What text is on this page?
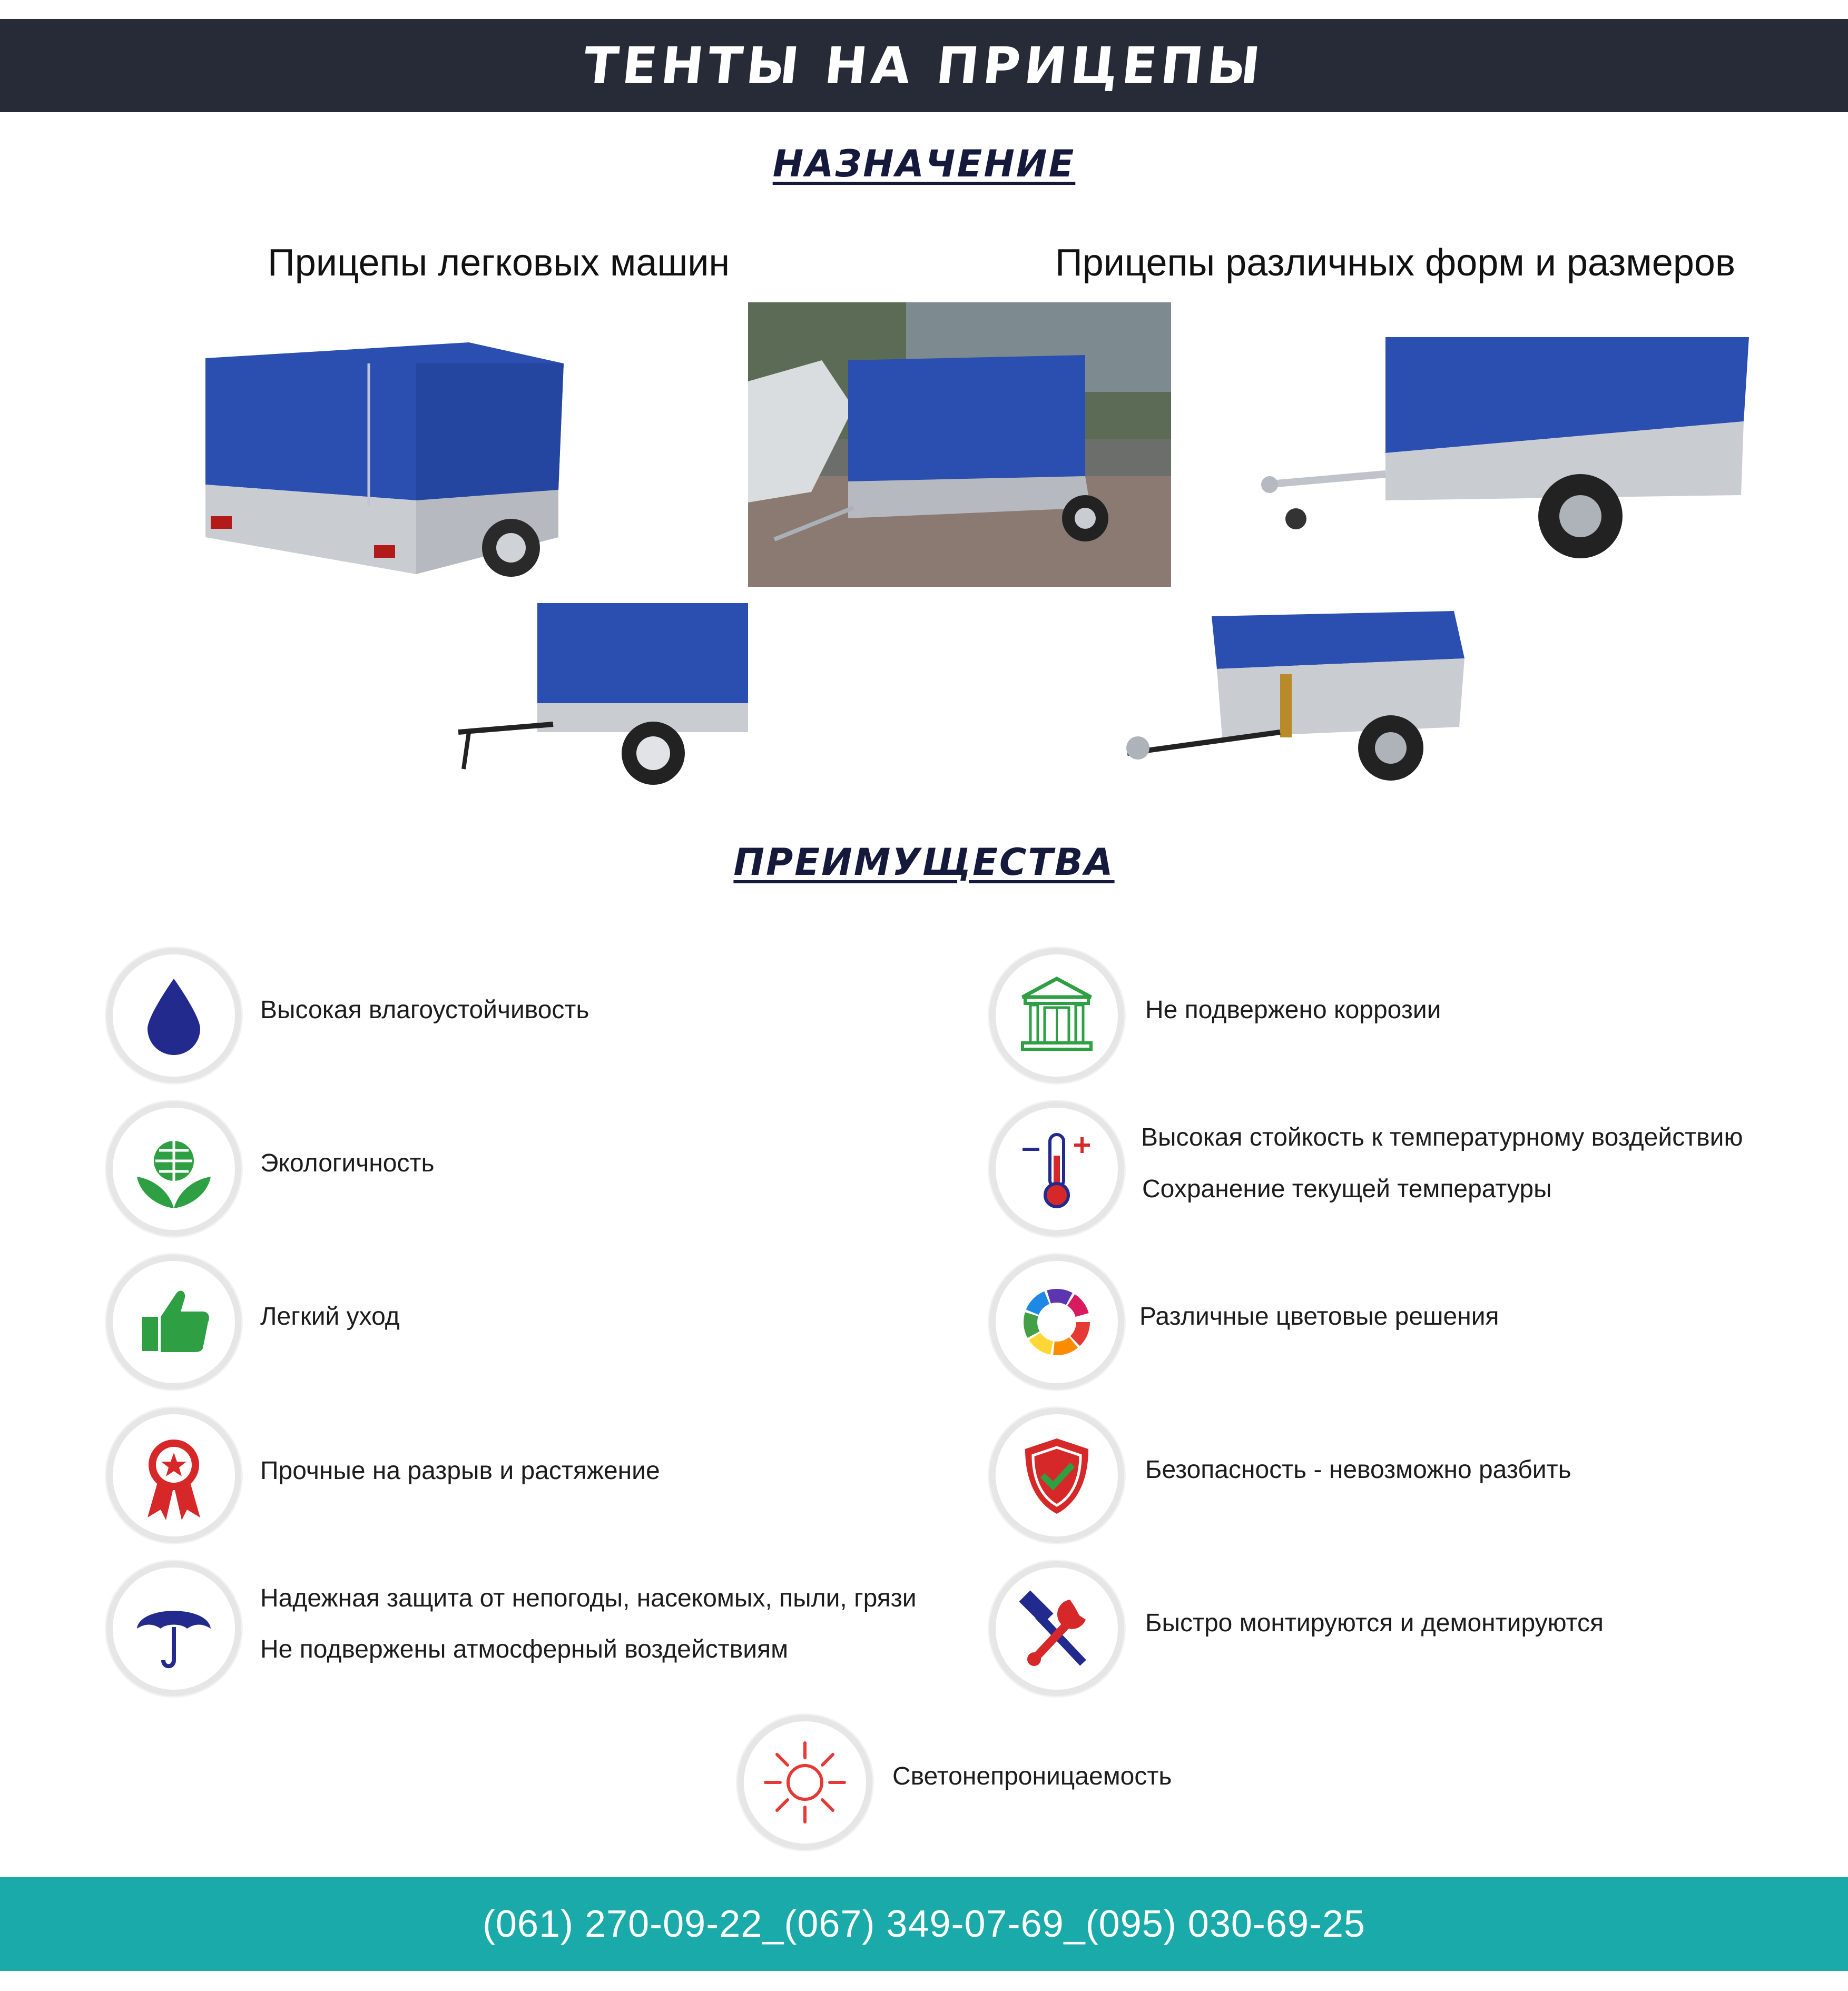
ТЕНТЫ НА ПРИЦЕПЫ
НАЗНАЧЕНИЕ
Прицепы легковых машин	Прицепы различных форм и размеров
ПРЕИМУЩЕСТВА
Высокая влагоустойчивость
Экологичность
Легкий уход
Прочные на разрыв и растяжение
Надежная защита от непогоды, насекомых, пыли, грязи
Не подвержены атмосферный воздействиям
Не подвержено коррозии
Высокая стойкость к температурному воздействию
Сохранение текущей температуры
Различные цветовые решения
Безопасность - невозможно разбить
Быстро монтируются и демонтируются
Светонепроницаемость
(061) 270-09-22_(067) 349-07-69_(095) 030-69-25
